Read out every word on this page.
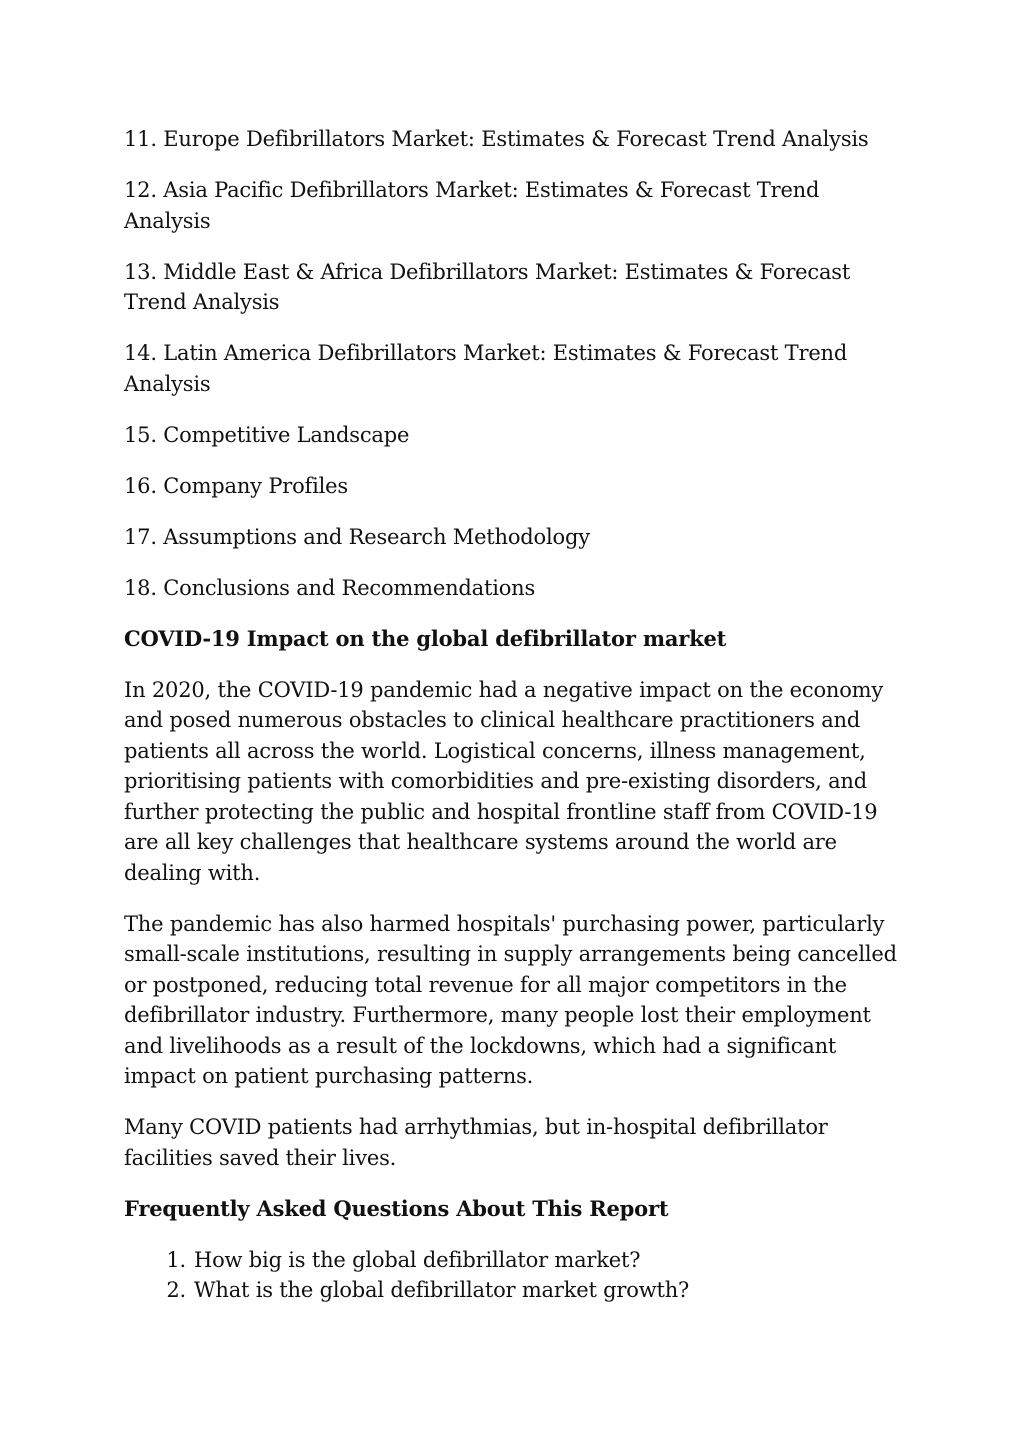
11. Europe Defibrillators Market: Estimates & Forecast Trend Analysis

12. Asia Pacific Defibrillators Market: Estimates & Forecast Trend Analysis

13. Middle East & Africa Defibrillators Market: Estimates & Forecast Trend Analysis

14. Latin America Defibrillators Market: Estimates & Forecast Trend Analysis

15. Competitive Landscape

16. Company Profiles

17. Assumptions and Research Methodology

18. Conclusions and Recommendations

COVID-19 Impact on the global defibrillator market

In 2020, the COVID-19 pandemic had a negative impact on the economy and posed numerous obstacles to clinical healthcare practitioners and patients all across the world. Logistical concerns, illness management, prioritising patients with comorbidities and pre-existing disorders, and further protecting the public and hospital frontline staff from COVID-19 are all key challenges that healthcare systems around the world are dealing with.

The pandemic has also harmed hospitals' purchasing power, particularly small-scale institutions, resulting in supply arrangements being cancelled or postponed, reducing total revenue for all major competitors in the defibrillator industry. Furthermore, many people lost their employment and livelihoods as a result of the lockdowns, which had a significant impact on patient purchasing patterns.

Many COVID patients had arrhythmias, but in-hospital defibrillator facilities saved their lives.

Frequently Asked Questions About This Report

1. How big is the global defibrillator market?
2. What is the global defibrillator market growth?
